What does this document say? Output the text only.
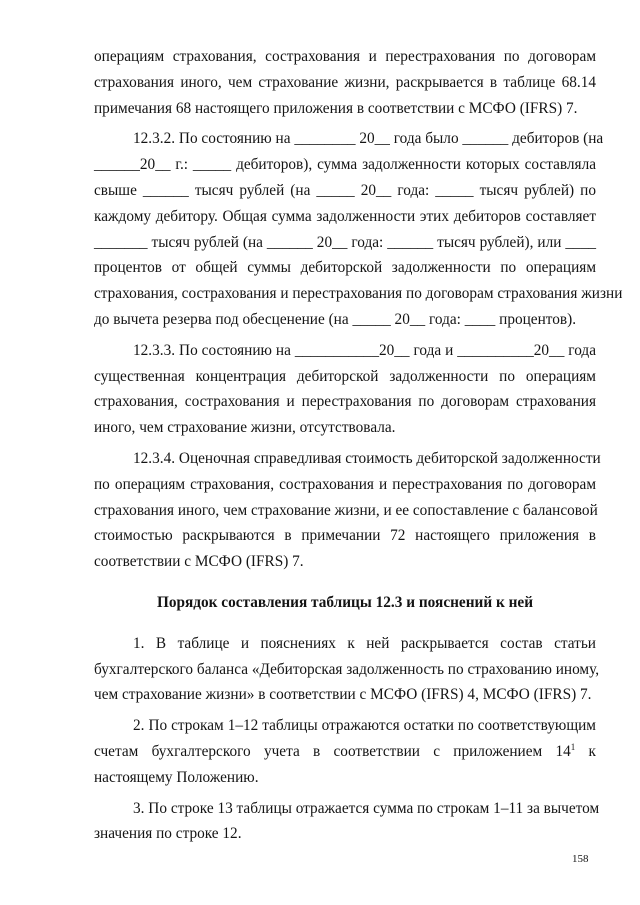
операциям страхования, сострахования и перестрахования по договорам
страхования иного, чем страхование жизни, раскрывается в таблице 68.14
примечания 68 настоящего приложения в соответствии с МСФО (IFRS) 7.
12.3.2. По состоянию на ________ 20__ года было ______ дебиторов (на
______20__ г.: _____ дебиторов), сумма задолженности которых составляла
свыше ______ тысяч рублей (на _____ 20__ года: _____ тысяч рублей) по
каждому дебитору. Общая сумма задолженности этих дебиторов составляет
_______ тысяч рублей (на ______ 20__ года: ______ тысяч рублей), или ____
процентов от общей суммы дебиторской задолженности по операциям
страхования, сострахования и перестрахования по договорам страхования жизни
до вычета резерва под обесценение (на _____ 20__ года: ____ процентов).
12.3.3. По состоянию на ___________20__ года и __________20__ года
существенная концентрация дебиторской задолженности по операциям
страхования, сострахования и перестрахования по договорам страхования
иного, чем страхование жизни, отсутствовала.
12.3.4. Оценочная справедливая стоимость дебиторской задолженности
по операциям страхования, сострахования и перестрахования по договорам
страхования иного, чем страхование жизни, и ее сопоставление с балансовой
стоимостью раскрываются в примечании 72 настоящего приложения в
соответствии с МСФО (IFRS) 7.
Порядок составления таблицы 12.3 и пояснений к ней
1. В таблице и пояснениях к ней раскрывается состав статьи
бухгалтерского баланса «Дебиторская задолженность по страхованию иному,
чем страхование жизни» в соответствии с МСФО (IFRS) 4, МСФО (IFRS) 7.
2. По строкам 1–12 таблицы отражаются остатки по соответствующим
счетам бухгалтерского учета в соответствии с приложением $14^1$ к
настоящему Положению.
3. По строке 13 таблицы отражается сумма по строкам 1–11 за вычетом
значения по строке 12.
158
